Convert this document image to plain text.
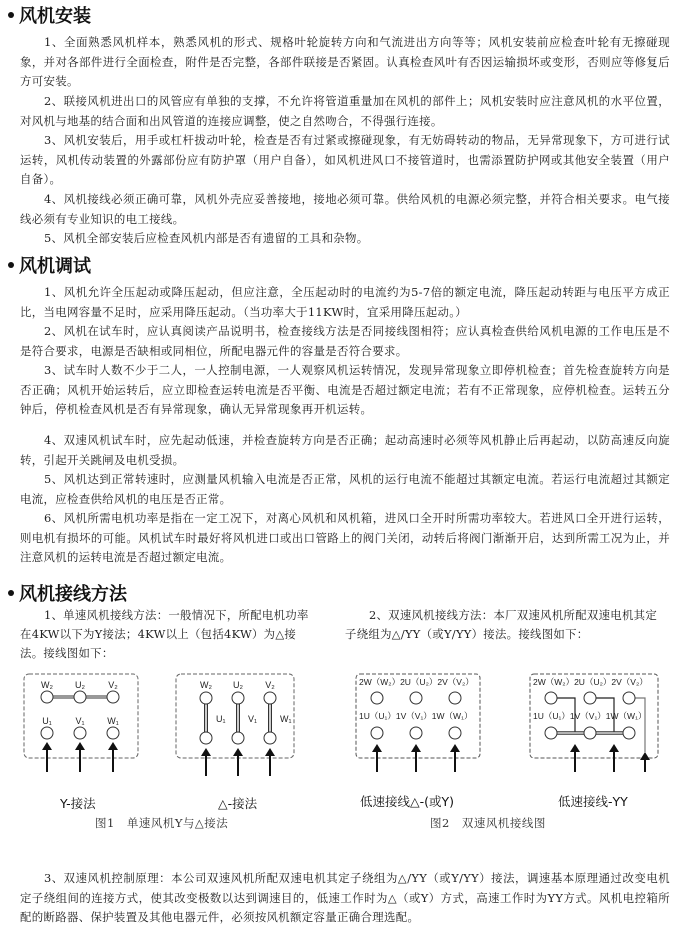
风机安装
1、全面熟悉风机样本，熟悉风机的形式、规格叶轮旋转方向和气流进出方向等等；风机安装前应检查叶轮有无擦碰现象，并对各部件进行全面检查，附件是否完整，各部件联接是否紧固。认真检查风叶有否因运输损坏或变形，否则应等修复后方可安装。
2、联接风机进出口的风管应有单独的支撑，不允许将管道重量加在风机的部件上；风机安装时应注意风机的水平位置，对风机与地基的结合面和出风管道的连接应调整，使之自然吻合，不得强行连接。
3、风机安装后，用手或杠杆拔动叶轮，检查是否有过紧或擦碰现象，有无妨碍转动的物品，无异常现象下，方可进行试运转，风机传动装置的外露部份应有防护罩（用户自备），如风机进风口不接管道时，也需添置防护网或其他安全装置（用户自备）。
4、风机接线必须正确可靠，风机外壳应妥善接地，接地必须可靠。供给风机的电源必须完整，并符合相关要求。电气接线必须有专业知识的电工接线。
5、风机全部安装后应检查风机内部是否有遗留的工具和杂物。
风机调试
1、风机允许全压起动或降压起动，但应注意，全压起动时的电流约为5-7倍的额定电流，降压起动转距与电压平方成正比，当电网容量不足时，应采用降压起动。（当功率大于11KW时，宜采用降压起动。）
2、风机在试车时，应认真阅读产品说明书，检查接线方法是否同接线图相符；应认真检查供给风机电源的工作电压是不是符合要求，电源是否缺相或同相位，所配电器元件的容量是否符合要求。
3、试车时人数不少于二人，一人控制电源，一人观察风机运转情况，发现异常现象立即停机检查；首先检查旋转方向是否正确；风机开始运转后，应立即检查运转电流是否平衡、电流是否超过额定电流；若有不正常现象，应停机检查。运转五分钟后，停机检查风机是否有异常现象，确认无异常现象再开机运转。
4、双速风机试车时，应先起动低速，并检查旋转方向是否正确；起动高速时必须等风机静止后再起动，以防高速反向旋转，引起开关跳闸及电机受损。
5、风机达到正常转速时，应测量风机输入电流是否正常，风机的运行电流不能超过其额定电流。若运行电流超过其额定电流，应检查供给风机的电压是否正常。
6、风机所需电机功率是指在一定工况下，对离心风机和风机箱，进风口全开时所需功率较大。若进风口全开进行运转，则电机有损坏的可能。风机试车时最好将风机进口或出口管路上的阀门关闭，动转后将阀门渐渐开启，达到所需工况为止，并注意风机的运转电流是否超过额定电流。
风机接线方法
1、单速风机接线方法：一般情况下，所配电机功率在4KW以下为Y接法；4KW以上（包括4KW）为△接法。接线图如下：
2、双速风机接线方法：本厂双速风机所配双速电机其定子绕组为△/YY（或Y/YY）接法。接线图如下：
W₂ U₂	V₂
U₁	V₁	W₁
W₂ U₂ V₂
U₁ V₁	W₁
2W（W₂）2U（U₂）2V（V₂）
1U（U₁）1V（V₁）1W（W₁）
2W（W₂）2U（U₂）2V（V₂）
1U（U₁）1V（V₁）1W（W₁）
Y-接法	△-接法	低速接线△-(或Y)	低速接线-YY
图1　单速风机Y与△接法	图2　双速风机接线图
3、双速风机控制原理：本公司双速风机所配双速电机其定子绕组为△/YY（或Y/YY）接法，调速基本原理通过改变电机定子绕组间的连接方式，使其改变极数以达到调速目的，低速工作时为△（或Y）方式，高速工作时为YY方式。风机电控箱所配的断路器、保护装置及其他电器元件，必须按风机额定容量正确合理选配。
